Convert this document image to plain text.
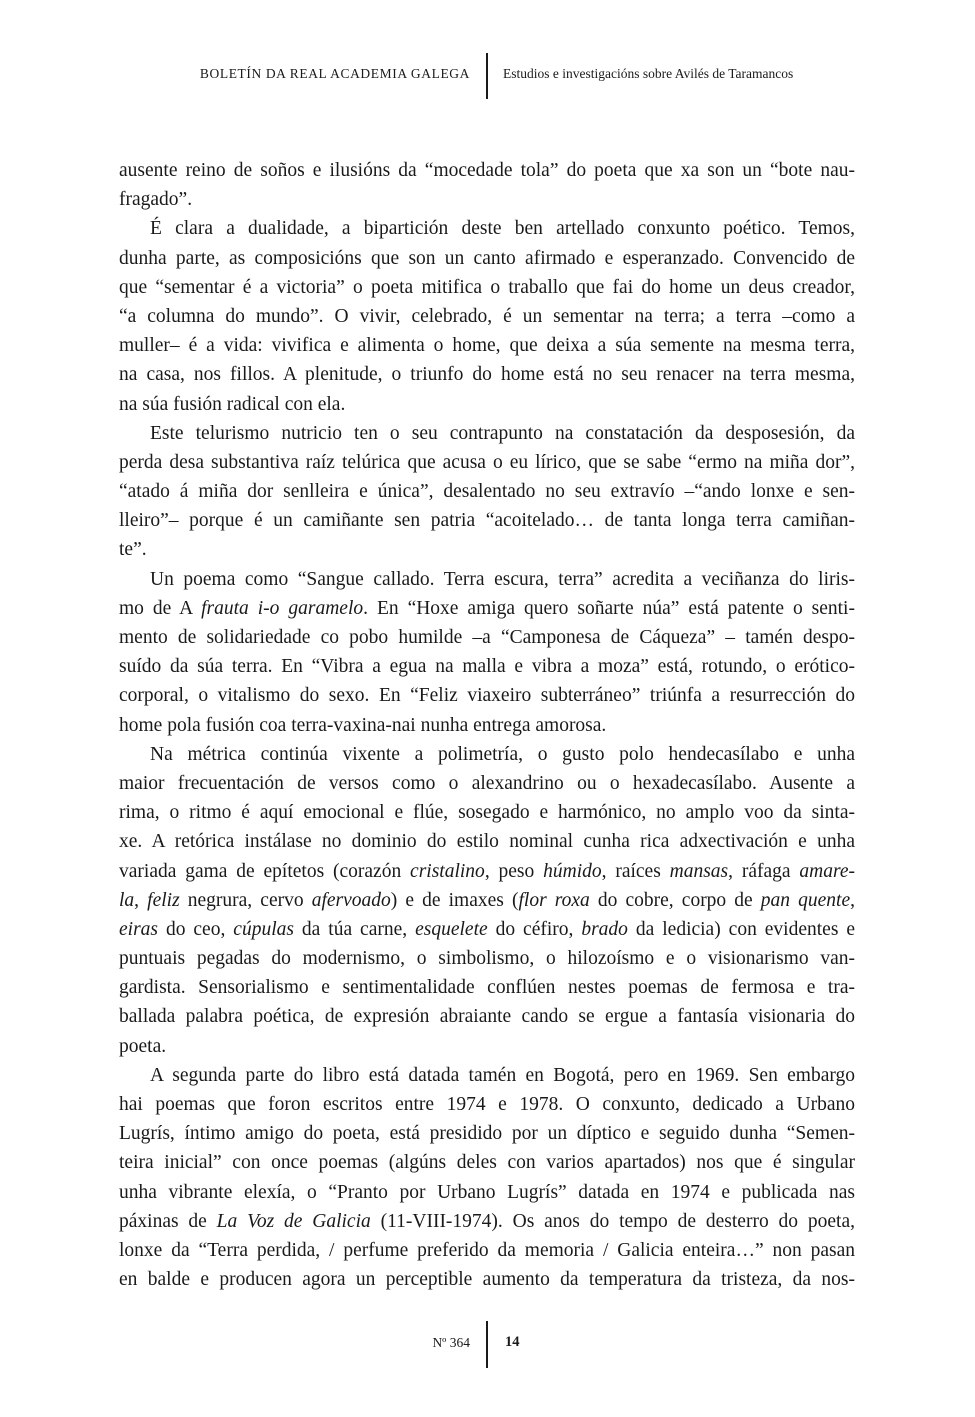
BOLETÍN DA REAL ACADEMIA GALEGA Estudios e investigacións sobre Avilés de Taramancos
ausente reino de soños e ilusións da “mocedade tola” do poeta que xa son un “bote nau-
fragado”.
É clara a dualidade, a bipartición deste ben artellado conxunto poético. Temos,
dunha parte, as composicións que son un canto afirmado e esperanzado. Convencido de
que “sementar é a victoria” o poeta mitifica o traballo que fai do home un deus creador,
“a columna do mundo”. O vivir, celebrado, é un sementar na terra; a terra –como a
muller– é a vida: vivifica e alimenta o home, que deixa a súa semente na mesma terra,
na casa, nos fillos. A plenitude, o triunfo do home está no seu renacer na terra mesma,
na súa fusión radical con ela.
Este telurismo nutricio ten o seu contrapunto na constatación da desposesión, da
perda desa substantiva raíz telúrica que acusa o eu lírico, que se sabe “ermo na miña dor”,
“atado á miña dor senlleira e única”, desalentado no seu extravío –“ando lonxe e sen-
lleiro”– porque é un camiñante sen patria “acoitelado… de tanta longa terra camiñan-
te”.
Un poema como “Sangue callado. Terra escura, terra” acredita a veciñanza do liris-
mo de A frauta i-o garamelo. En “Hoxe amiga quero soñarte núa” está patente o senti-
mento de solidariedade co pobo humilde –a “Camponesa de Cáqueza” – tamén despo-
suído da súa terra. En “Vibra a egua na malla e vibra a moza” está, rotundo, o erótico-
corporal, o vitalismo do sexo. En “Feliz viaxeiro subterráneo” triúnfa a resurrección do
home pola fusión coa terra-vaxina-nai nunha entrega amorosa.
Na métrica continúa vixente a polimetría, o gusto polo hendecasílabo e unha
maior frecuentación de versos como o alexandrino ou o hexadecasílabo. Ausente a
rima, o ritmo é aquí emocional e flúe, sosegado e harmónico, no amplo voo da sinta-
xe. A retórica instálase no dominio do estilo nominal cunha rica adxectivación e unha
variada gama de epítetos (corazón cristalino, peso húmido, raíces mansas, ráfaga amare-
la, feliz negrura, cervo afervoado) e de imaxes (flor roxa do cobre, corpo de pan quente,
eiras do ceo, cúpulas da túa carne, esquelete do céfiro, brado da ledicia) con evidentes e
puntuais pegadas do modernismo, o simbolismo, o hilozoísmo e o visionarismo van-
gardista. Sensorialismo e sentimentalidade conflúen nestes poemas de fermosa e tra-
ballada palabra poética, de expresión abraiante cando se ergue a fantasía visionaria do
poeta.
A segunda parte do libro está datada tamén en Bogotá, pero en 1969. Sen embargo
hai poemas que foron escritos entre 1974 e 1978. O conxunto, dedicado a Urbano
Lugrís, íntimo amigo do poeta, está presidido por un díptico e seguido dunha “Semen-
teira inicial” con once poemas (algúns deles con varios apartados) nos que é singular
unha vibrante elexía, o “Pranto por Urbano Lugrís” datada en 1974 e publicada nas
páxinas de La Voz de Galicia (11-VIII-1974). Os anos do tempo de desterro do poeta,
lonxe da “Terra perdida, / perfume preferido da memoria / Galicia enteira…” non pasan
en balde e producen agora un perceptible aumento da temperatura da tristeza, da nos-
Nº 364 14
